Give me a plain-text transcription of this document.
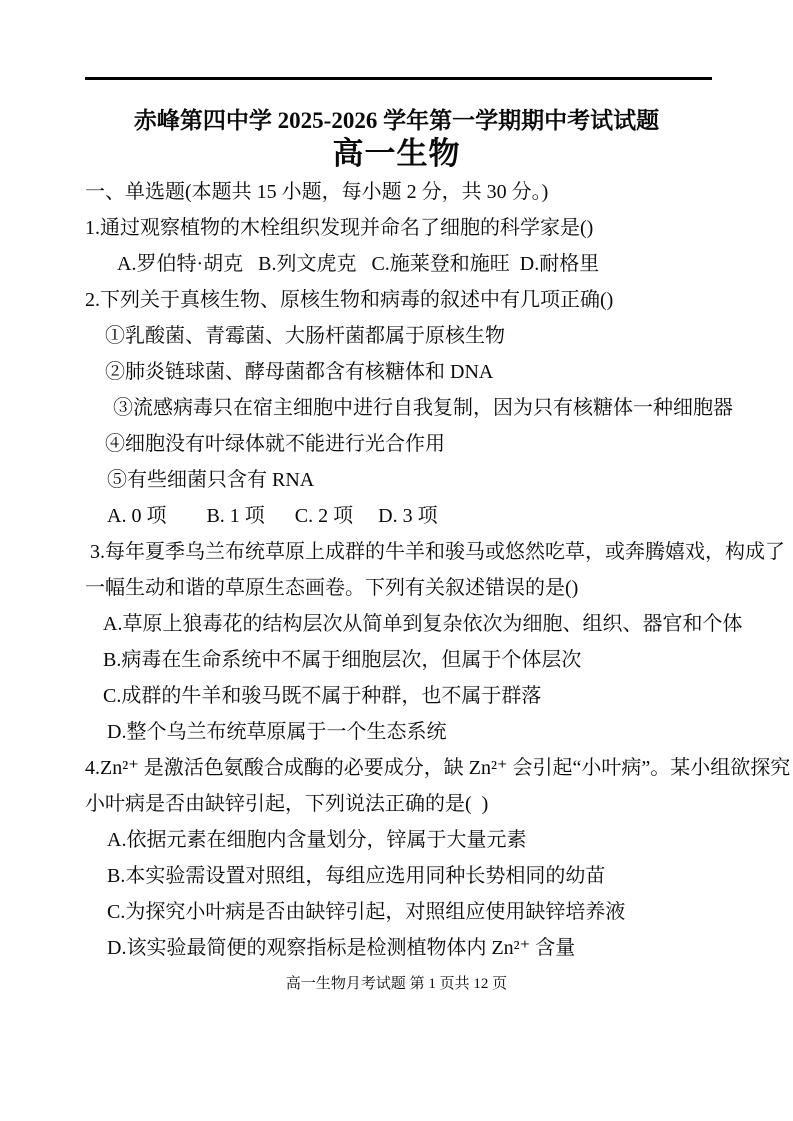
赤峰第四中学 2025-2026 学年第一学期期中考试试题
高一生物
一、单选题(本题共 15 小题，每小题 2 分，共 30 分。)
1.通过观察植物的木栓组织发现并命名了细胞的科学家是()
A.罗伯特·胡克   B.列文虎克   C.施莱登和施旺  D.耐格里
2.下列关于真核生物、原核生物和病毒的叙述中有几项正确()
①乳酸菌、青霉菌、大肠杆菌都属于原核生物
②肺炎链球菌、酵母菌都含有核糖体和 DNA
③流感病毒只在宿主细胞中进行自我复制，因为只有核糖体一种细胞器
④细胞没有叶绿体就不能进行光合作用
⑤有些细菌只含有 RNA
A. 0 项        B. 1 项      C. 2 项     D. 3 项
3.每年夏季乌兰布统草原上成群的牛羊和骏马或悠然吃草，或奔腾嬉戏，构成了
一幅生动和谐的草原生态画卷。下列有关叙述错误的是()
A.草原上狼毒花的结构层次从简单到复杂依次为细胞、组织、器官和个体
B.病毒在生命系统中不属于细胞层次，但属于个体层次
C.成群的牛羊和骏马既不属于种群，也不属于群落
D.整个乌兰布统草原属于一个生态系统
4.Zn²⁺ 是激活色氨酸合成酶的必要成分，缺 Zn²⁺ 会引起“小叶病”。某小组欲探究
小叶病是否由缺锌引起，下列说法正确的是(  )
A.依据元素在细胞内含量划分，锌属于大量元素
B.本实验需设置对照组，每组应选用同种长势相同的幼苗
C.为探究小叶病是否由缺锌引起，对照组应使用缺锌培养液
D.该实验最简便的观察指标是检测植物体内 Zn²⁺ 含量
高一生物月考试题 第 1 页共 12 页
